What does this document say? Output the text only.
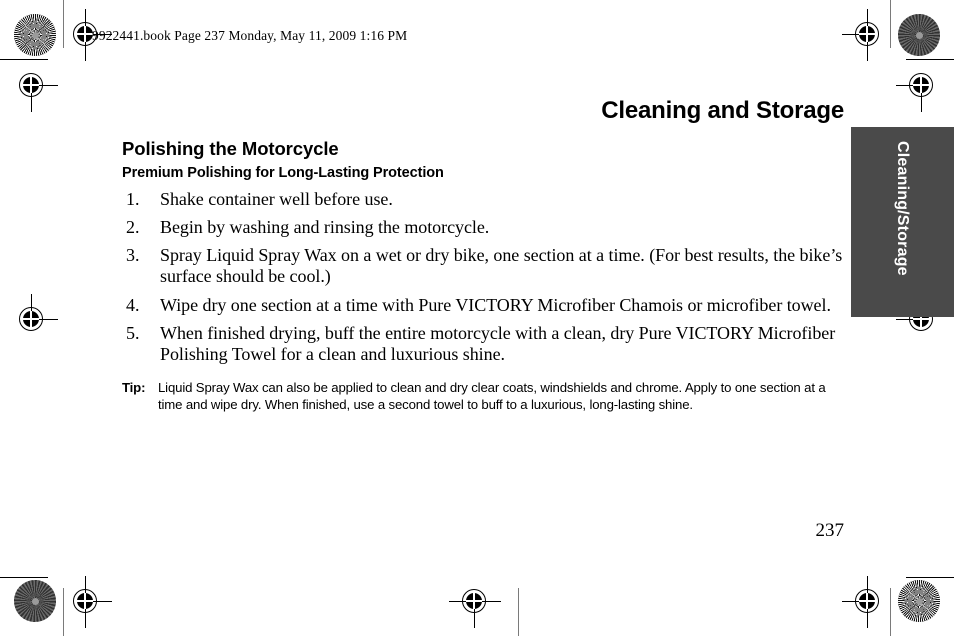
9922441.book Page 237 Monday, May 11, 2009 1:16 PM
Cleaning/Storage
Cleaning and Storage
Polishing the Motorcycle
Premium Polishing for Long-Lasting Protection
1.	Shake container well before use.
2.	Begin by washing and rinsing the motorcycle.
3.	Spray Liquid Spray Wax on a wet or dry bike, one section at a time. (For best results, the bike’s surface should be cool.)
4.	Wipe dry one section at a time with Pure VICTORY Microfiber Chamois or microfiber towel.
5.	When finished drying, buff the entire motorcycle with a clean, dry Pure VICTORY Microfiber Polishing Towel for a clean and luxurious shine.
Tip: Liquid Spray Wax can also be applied to clean and dry clear coats, windshields and chrome. Apply to one section at a time and wipe dry. When finished, use a second towel to buff to a luxurious, long-lasting shine.
237
